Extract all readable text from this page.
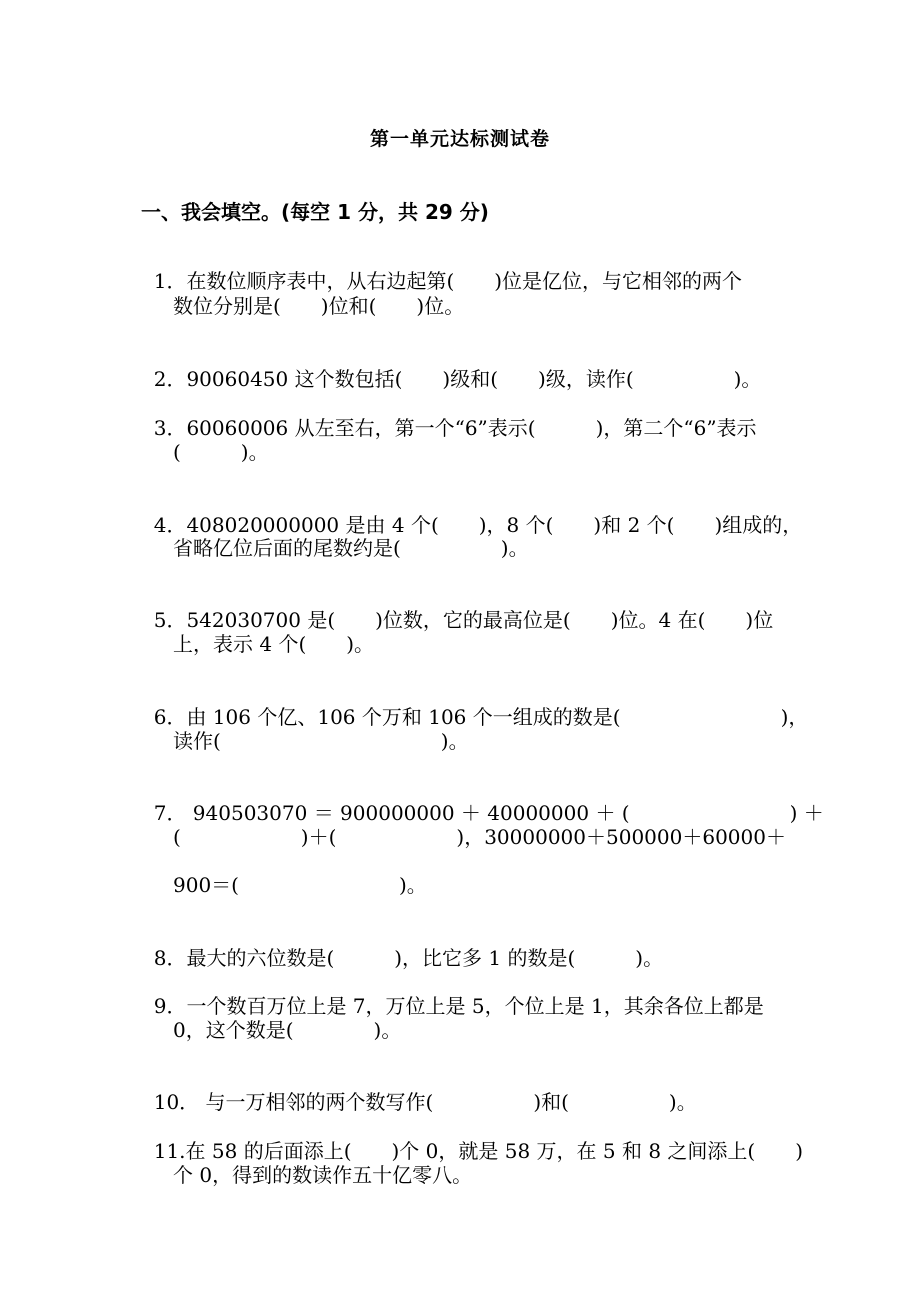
第一单元达标测试卷
一、我会填空。(每空 1 分，共 29 分)

1．在数位顺序表中，从右边起第(　　)位是亿位，与它相邻的两个

数位分别是(　　)位和(　　)位。

2．90060450 这个数包括(　　)级和(　　)级，读作(　　　　　)。

3．60060006 从左至右，第一个“6”表示(　　　)，第二个“6”表示

(　　　)。

4．408020000000 是由 4 个(　　)，8 个(　　)和 2 个(　　)组成的，

省略亿位后面的尾数约是(　　　　　)。

5．542030700 是(　　)位数，它的最高位是(　　)位。4 在(　　)位

上，表示 4 个(　　)。

6．由 106 个亿、106 个万和 106 个一组成的数是(　　　　　　　　)，

读作(　　　　　　　　　　　)。

7． 940503070 ＝ 900000000 ＋ 40000000 ＋ (　　　　　　　　) ＋

(　　　　　　)＋(　　　　　　)，30000000＋500000＋60000＋
900＝(　　　　　　　　)。

8．最大的六位数是(　　　)，比它多 1 的数是(　　　)。

9．一个数百万位上是 7，万位上是 5，个位上是 1，其余各位上都是

0，这个数是(　　　　)。

10． 与一万相邻的两个数写作(　　　　　)和(　　　　　)。

11.在 58 的后面添上(　　)个 0，就是 58 万，在 5 和 8 之间添上(　　)

个 0，得到的数读作五十亿零八。
